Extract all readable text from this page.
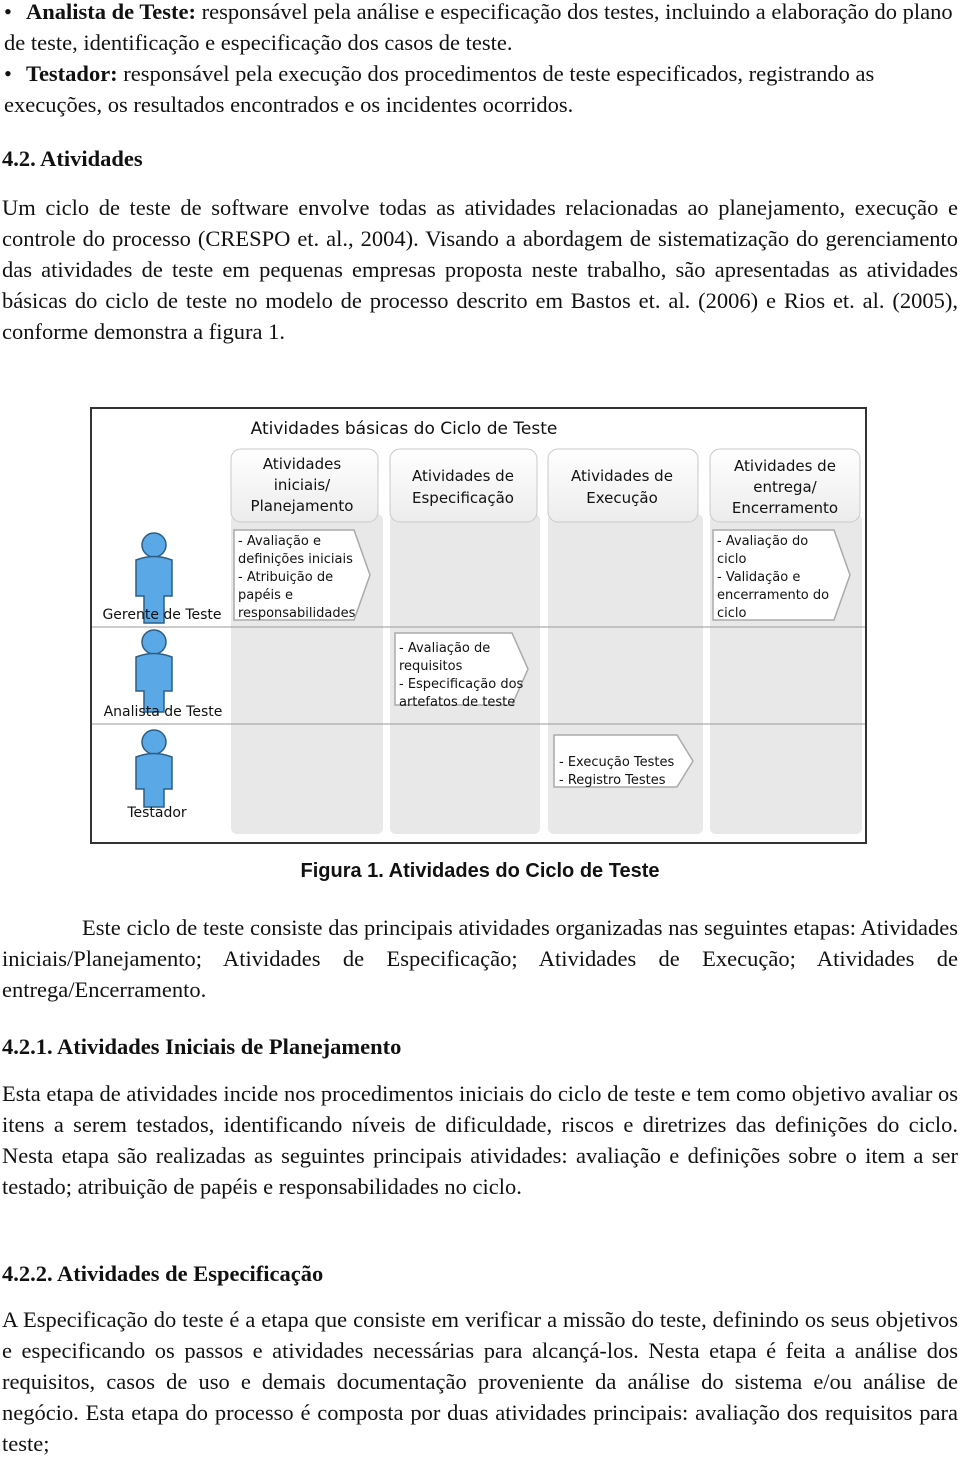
• Analista de Teste: responsável pela análise e especificação dos testes, incluindo a elaboração do plano de teste, identificação e especificação dos casos de teste.
• Testador: responsável pela execução dos procedimentos de teste especificados, registrando as execuções, os resultados encontrados e os incidentes ocorridos.
4.2. Atividades

Um ciclo de teste de software envolve todas as atividades relacionadas ao planejamento, execução e controle do processo (CRESPO et. al., 2004). Visando a abordagem de sistematização do gerenciamento das atividades de teste em pequenas empresas proposta neste trabalho, são apresentadas as atividades básicas do ciclo de teste no modelo de processo descrito em Bastos et. al. (2006) e Rios et. al. (2005), conforme demonstra a figura 1.

Atividades básicas do Ciclo de Teste
Atividades
iniciais/
Planejamento
Atividades de
Especificação
Atividades de
Execução
Atividades de
entrega/
Encerramento
Gerente de Teste
Analista de Teste
Testador
- Avaliação e
definições iniciais
- Atribuição de
papéis e
responsabilidades
- Avaliação do
ciclo
- Validação e
encerramento do
ciclo
- Avaliação de
requisitos
- Especificação dos
artefatos de teste
- Execução Testes
- Registro Testes
Figura 1. Atividades do Ciclo de Teste

Este ciclo de teste consiste das principais atividades organizadas nas seguintes etapas: Atividades iniciais/Planejamento; Atividades de Especificação; Atividades de Execução; Atividades de entrega/Encerramento.

4.2.1. Atividades Iniciais de Planejamento

Esta etapa de atividades incide nos procedimentos iniciais do ciclo de teste e tem como objetivo avaliar os itens a serem testados, identificando níveis de dificuldade, riscos e diretrizes das definições do ciclo. Nesta etapa são realizadas as seguintes principais atividades: avaliação e definições sobre o item a ser testado; atribuição de papéis e responsabilidades no ciclo.

4.2.2. Atividades de Especificação

A Especificação do teste é a etapa que consiste em verificar a missão do teste, definindo os seus objetivos e especificando os passos e atividades necessárias para alcançá-los. Nesta etapa é feita a análise dos requisitos, casos de uso e demais documentação proveniente da análise do sistema e/ou análise de negócio. Esta etapa do processo é composta por duas atividades principais: avaliação dos requisitos para teste;
